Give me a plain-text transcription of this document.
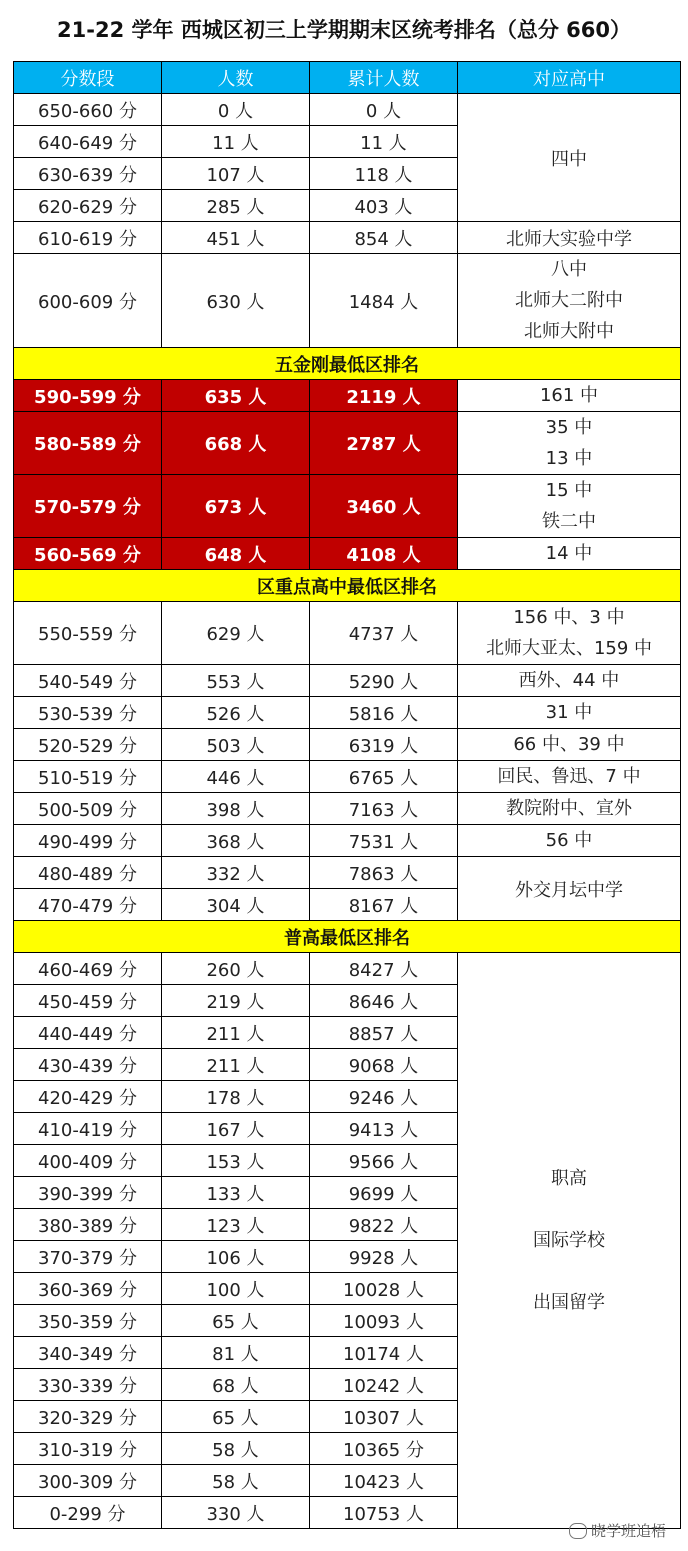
21-22 学年 西城区初三上学期期末区统考排名（总分 660）
分数段	人数	累计人数	对应高中
650-660 分	0 人	0 人	四中
640-649 分	11 人	11 人	
630-639 分	107 人	118 人	
620-629 分	285 人	403 人	
610-619 分	451 人	854 人	北师大实验中学
600-609 分	630 人	1484 人	八中
北师大二附中
北师大附中

五金刚最低区排名			
590-599 分	635 人	2119 人	161 中

580-589 分	668 人	2787 人	35 中
13 中

570-579 分	673 人	3460 人	15 中
铁二中

560-569 分	648 人	4108 人	14 中

区重点高中最低区排名			
550-559 分	629 人	4737 人	156 中、3 中
北师大亚太、159 中

540-549 分	553 人	5290 人	西外、44 中

530-539 分	526 人	5816 人	31 中

520-529 分	503 人	6319 人	66 中、39 中

510-519 分	446 人	6765 人	回民、鲁迅、7 中

500-509 分	398 人	7163 人	教院附中、宣外

490-499 分	368 人	7531 人	56 中

480-489 分	332 人	7863 人	外交月坛中学
470-479 分	304 人	8167 人	
普高最低区排名			
460-469 分	260 人	8427 人	职高
国际学校
出国留学

450-459 分	219 人	8646 人	
440-449 分	211 人	8857 人	
430-439 分	211 人	9068 人	
420-429 分	178 人	9246 人	
410-419 分	167 人	9413 人	
400-409 分	153 人	9566 人	
390-399 分	133 人	9699 人	
380-389 分	123 人	9822 人	
370-379 分	106 人	9928 人	
360-369 分	100 人	10028 人	
350-359 分	65 人	10093 人	
340-349 分	81 人	10174 人	
330-339 分	68 人	10242 人	
320-329 分	65 人	10307 人	
310-319 分	58 人	10365 分	
300-309 分	58 人	10423 人	
0-299 分	330 人	10753 人	
晓学班追梧
